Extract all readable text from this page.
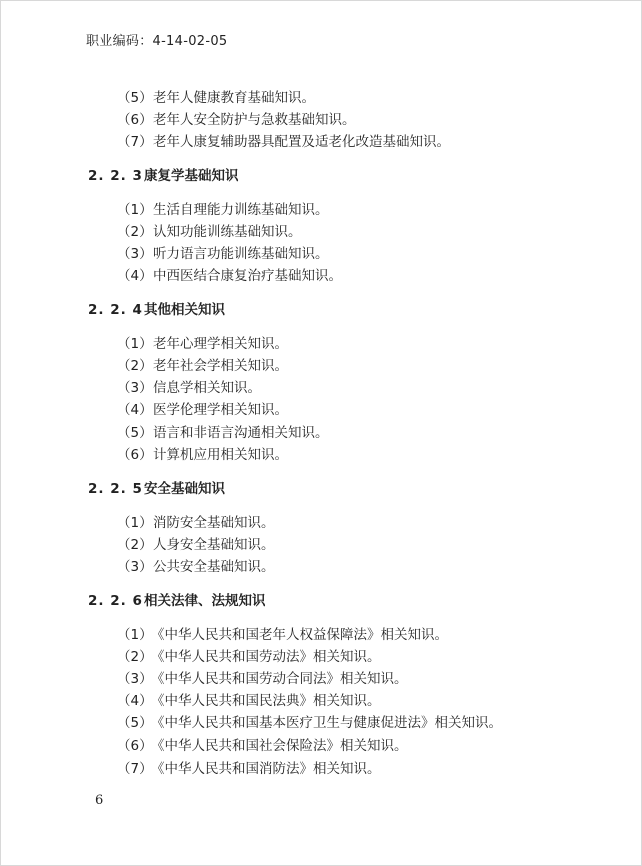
职业编码：4-14-02-05
（5）老年人健康教育基础知识。
（6）老年人安全防护与急救基础知识。
（7）老年人康复辅助器具配置及适老化改造基础知识。
2. 2. 3康复学基础知识
（1）生活自理能力训练基础知识。
（2）认知功能训练基础知识。
（3）听力语言功能训练基础知识。
（4）中西医结合康复治疗基础知识。
2. 2. 4其他相关知识
（1）老年心理学相关知识。
（2）老年社会学相关知识。
（3）信息学相关知识。
（4）医学伦理学相关知识。
（5）语言和非语言沟通相关知识。
（6）计算机应用相关知识。
2. 2. 5安全基础知识
（1）消防安全基础知识。
（2）人身安全基础知识。
（3）公共安全基础知识。
2. 2. 6相关法律、法规知识
（1）《中华人民共和国老年人权益保障法》相关知识。
（2）《中华人民共和国劳动法》相关知识。
（3）《中华人民共和国劳动合同法》相关知识。
（4）《中华人民共和国民法典》相关知识。
（5）《中华人民共和国基本医疗卫生与健康促进法》相关知识。
（6）《中华人民共和国社会保险法》相关知识。
（7）《中华人民共和国消防法》相关知识。
6
